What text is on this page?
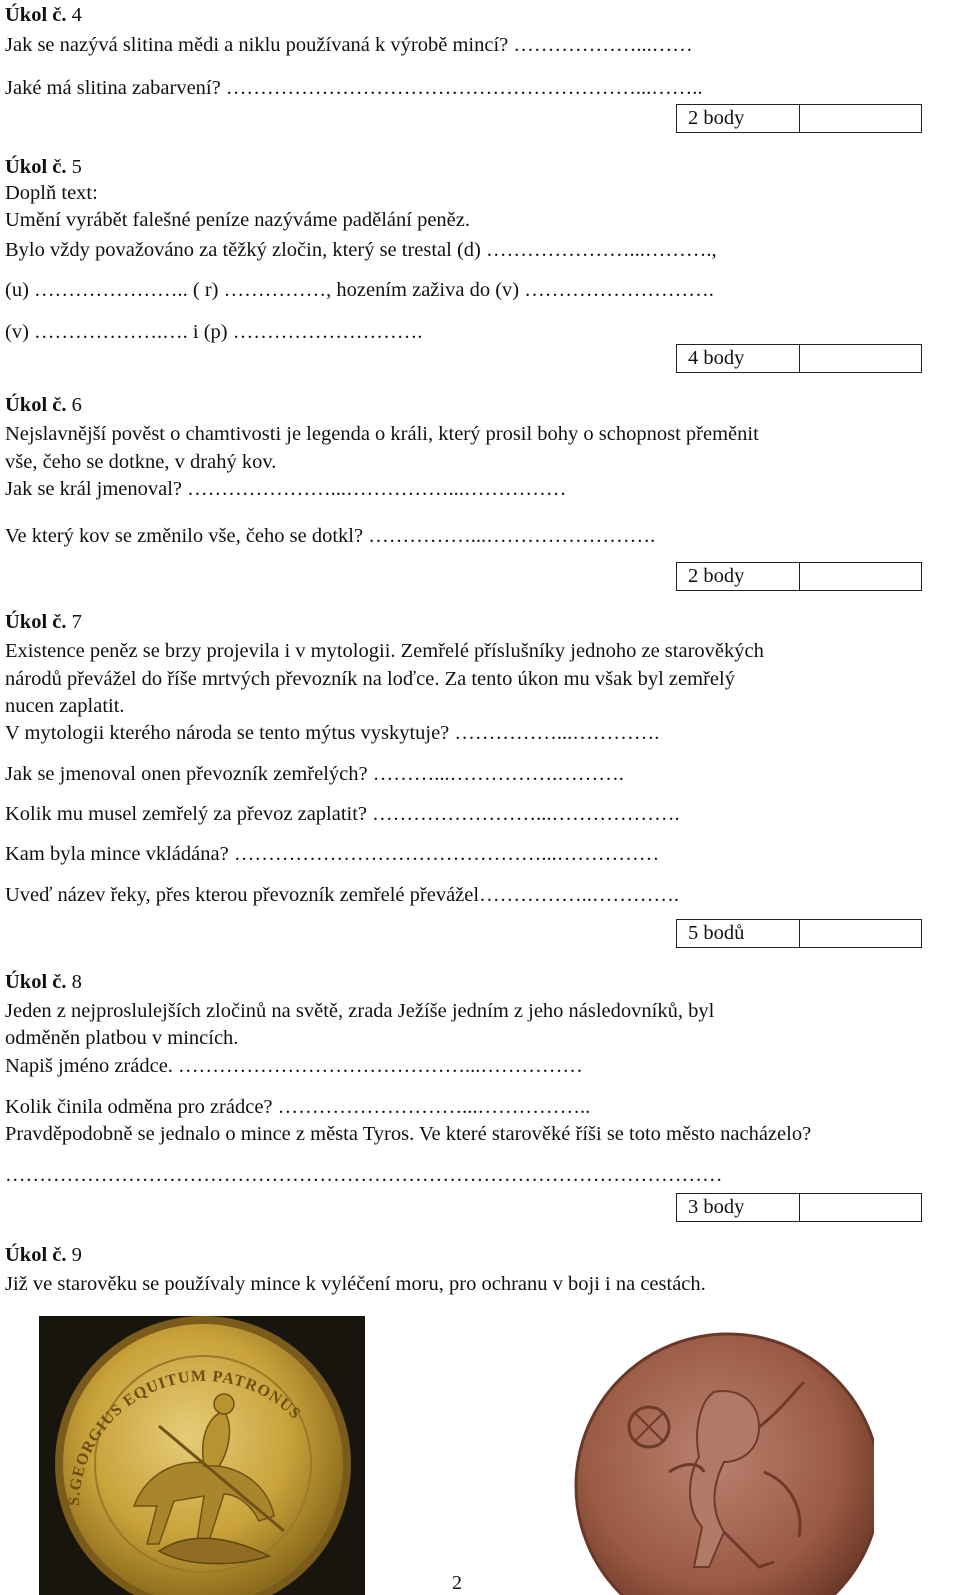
Úkol č. 4
Jak se nazývá slitina mědi a niklu používaná k výrobě mincí? ………………...……
Jaké má slitina zabarvení? ……………………………………………………...……..
2 body
Úkol č. 5
Doplň text:
Umění vyrábět falešné peníze nazýváme padělání peněz.
Bylo vždy považováno za těžký zločin, který se trestal (d) …………………...……….,
(u) ………………….. ( r) ……………, hozením zaživa do (v) ……………………….
(v) ……………….…. i (p) ……………………….
4 body
Úkol č. 6
Nejslavnější pověst o chamtivosti je legenda o králi, který prosil bohy o schopnost přeměnit
vše, čeho se dotkne, v drahý kov.
Jak se král jmenoval? …………………...……………...……………
Ve který kov se změnilo vše, čeho se dotkl? ……………...…………………….
2 body
Úkol č. 7
Existence peněz se brzy projevila i v mytologii. Zemřelé příslušníky jednoho ze starověkých
národů převážel do říše mrtvých převozník na loďce. Za tento úkon mu však byl zemřelý
nucen zaplatit.
V mytologii kterého národa se tento mýtus vyskytuje? ……………...………….
Jak se jmenoval onen převozník zemřelých? ………...…………….……….
Kolik mu musel zemřelý za převoz zaplatit? ……………………...……………….
Kam byla mince vkládána? ………………………………………...……………
Uveď název řeky, přes kterou převozník zemřelé převážel……………..………….
5 bodů
Úkol č. 8
Jeden z nejproslulejších zločinů na světě, zrada Ježíše jedním z jeho následovníků, byl
odměněn platbou v mincích.
Napiš jméno zrádce. ……………………………………...……………
Kolik činila odměna pro zrádce? ………………………...……………..
Pravděpodobně se jednalo o mince z města Tyros. Ve které starověké říši se toto město nacházelo?
……………………………………………………………………………………………
3 body
Úkol č. 9
Již ve starověku se používaly mince k vyléčení moru, pro ochranu v boji i na cestách.
S.GEORGIUS EQUITUM PATRONUS
2
